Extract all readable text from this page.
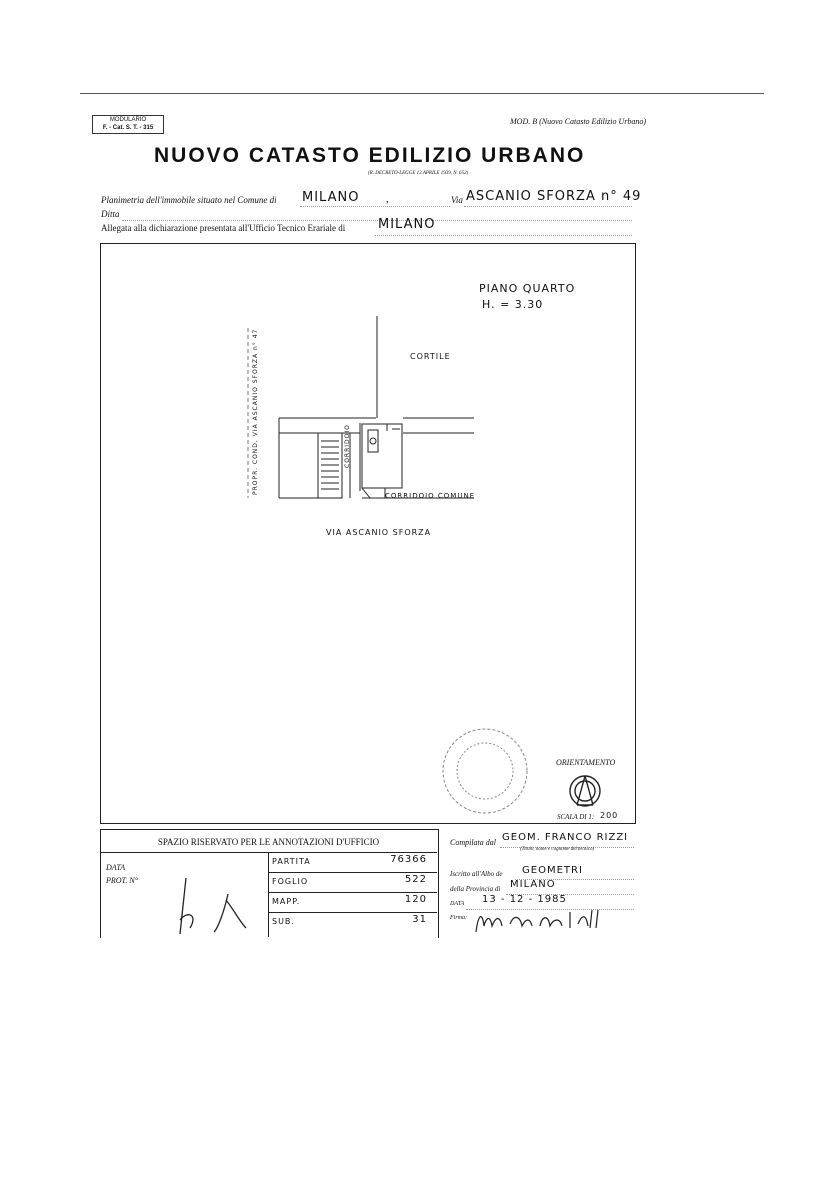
MODULARIO
F. - Cat. S. T. - 315
MOD. B (Nuovo Catasto Edilizio Urbano)
NUOVO CATASTO EDILIZIO URBANO
(R. DECRETO-LEGGE 13 APRILE 1939, N. 652)
Planimetria dell'immobile situato nel Comune di MILANO ,	Via ASCANIO SFORZA n° 49
Ditta
Allegata alla dichiarazione presentata all'Ufficio Tecnico Erariale di	MILANO
PIANO QUARTO
H. = 3.30
CORTILE
CORRIDOIO
CORRIDOIO COMUNE
VIA ASCANIO SFORZA
PROPR. COND. VIA ASCANIO SFORZA n° 47
ORIENTAMENTO
SCALA DI 1: 200
SPAZIO RISERVATO PER LE ANNOTAZIONI D'UFFICIO
DATA
PROT. N°
PARTITA	76366
FOGLIO	522
MAPP.	120
SUB.	31
Compilata dal GEOM. FRANCO RIZZI
(Titolo, nome e cognome del tecnico)
Iscritto all'Albo de GEOMETRI
della Provincia di MILANO
DATA 13 - 12 - 1985
Firma:
